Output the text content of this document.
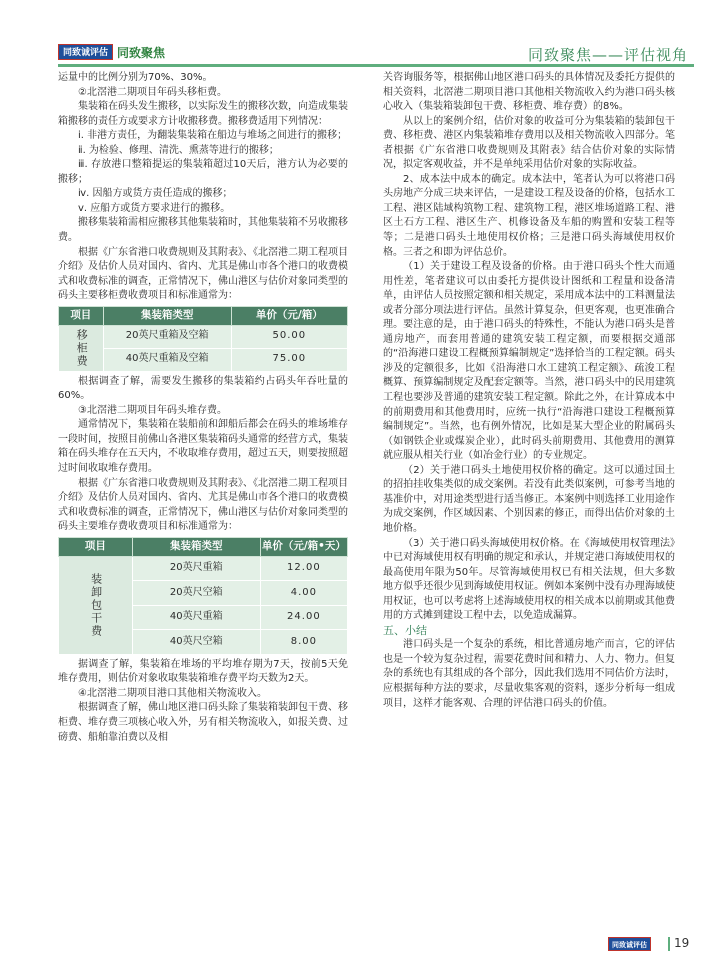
同致诚评估 同致聚焦	同致聚焦——评估视角

运量中的比例分别为70%、30%。

②北滘港二期项目年码头移柜费。

集装箱在码头发生搬移，以实际发生的搬移次数，向造成集装箱搬移的责任方或要求方计收搬移费。搬移费适用下列情况：

ⅰ. 非港方责任，为翻装集装箱在船边与堆场之间进行的搬移；

ⅱ. 为检验、修理、清洗、熏蒸等进行的搬移；

ⅲ. 存放港口整箱提运的集装箱超过10天后，港方认为必要的搬移；

ⅳ. 因船方或货方责任造成的搬移；

ⅴ. 应船方或货方要求进行的搬移。

搬移集装箱需相应搬移其他集装箱时，其他集装箱不另收搬移费。

根据《广东省港口收费规则及其附表》、《北滘港二期工程项目介绍》及估价人员对国内、省内、尤其是佛山市各个港口的收费模式和收费标准的调查，正常情况下，佛山港区与估价对象同类型的码头主要移柜费收费项目和标准通常为：

项目	集装箱类型	单价（元/箱）
移柜费	20英尺重箱及空箱	50.00
	40英尺重箱及空箱	75.00

根据调查了解，需要发生搬移的集装箱约占码头年吞吐量的60%。

③北滘港二期项目年码头堆存费。

通常情况下，集装箱在装船前和卸船后都会在码头的堆场堆存一段时间，按照目前佛山各港区集装箱码头通常的经营方式，集装箱在码头堆存在五天内，不收取堆存费用，超过五天，则要按照超过时间收取堆存费用。

根据《广东省港口收费规则及其附表》、《北滘港二期工程项目介绍》及估价人员对国内、省内、尤其是佛山市各个港口的收费模式和收费标准的调查，正常情况下，佛山港区与估价对象同类型的码头主要堆存费收费项目和标准通常为：

项目	集装箱类型	单价（元/箱•天）
装卸包干费	20英尺重箱	12.00
	20英尺空箱	4.00
	40英尺重箱	24.00
	40英尺空箱	8.00

据调查了解，集装箱在堆场的平均堆存期为7天，按前5天免堆存费用，则估价对象收取集装箱堆存费平均天数为2天。

④北滘港二期项目港口其他相关物流收入。

根据调查了解，佛山地区港口码头除了集装箱装卸包干费、移柜费、堆存费三项核心收入外，另有相关物流收入，如报关费、过磅费、船舶靠泊费以及相

关咨询服务等，根据佛山地区港口码头的具体情况及委托方提供的相关资料，北滘港二期项目港口其他相关物流收入约为港口码头核心收入（集装箱装卸包干费、移柜费、堆存费）的8%。

从以上的案例介绍，估价对象的收益可分为集装箱的装卸包干费、移柜费、港区内集装箱堆存费用以及相关物流收入四部分。笔者根据《广东省港口收费规则及其附表》结合估价对象的实际情况，拟定客观收益，并不是单纯采用估价对象的实际收益。

2、成本法中成本的确定。成本法中，笔者认为可以将港口码头房地产分成三块来评估，一是建设工程及设备的价格，包括水工工程、港区陆域构筑物工程、建筑物工程，港区堆场道路工程、港区土石方工程、港区生产、机修设备及车船的购置和安装工程等等；二是港口码头土地使用权价格；三是港口码头海域使用权价格。三者之和即为评估总价。

（1）关于建设工程及设备的价格。由于港口码头个性大而通用性差，笔者建议可以由委托方提供设计图纸和工程量和设备清单，由评估人员按照定额和相关规定，采用成本法中的工料测量法或者分部分项法进行评估。虽然计算复杂，但更客观，也更准确合理。要注意的是，由于港口码头的特殊性，不能认为港口码头是普通房地产，而套用普通的建筑安装工程定额，而要根据交通部的“沿海港口建设工程概预算编制规定”选择恰当的工程定额。码头涉及的定额很多，比如《沿海港口水工建筑工程定额》、疏浚工程概算、预算编制规定及配套定额等。当然，港口码头中的民用建筑工程也要涉及普通的建筑安装工程定额。除此之外，在计算成本中的前期费用和其他费用时，应统一执行“沿海港口建设工程概预算编制规定”。当然，也有例外情况，比如是某大型企业的附属码头（如钢铁企业或煤炭企业），此时码头前期费用、其他费用的测算就应服从相关行业（如冶金行业）的专业规定。

（2）关于港口码头土地使用权价格的确定。这可以通过国土的招拍挂收集类似的成交案例。若没有此类似案例，可参考当地的基准价中，对用途类型进行适当修正。本案例中则选择工业用途作为成交案例，作区域因素、个别因素的修正，而得出估价对象的土地价格。

（3）关于港口码头海域使用权价格。在《海域使用权管理法》中已对海域使用权有明确的规定和承认，并规定港口海域使用权的最高使用年限为50年。尽管海域使用权已有相关法规，但大多数地方似乎还很少见到海域使用权证。例如本案例中没有办理海域使用权证，也可以考虑将上述海域使用权的相关成本以前期或其他费用的方式摊到建设工程中去，以免造成漏算。

五、小结

港口码头是一个复杂的系统，相比普通房地产而言，它的评估也是一个较为复杂过程，需要花费时间和精力、人力、物力。但复杂的系统也有其组成的各个部分，因此我们选用不同估价方法时，应根据每种方法的要求，尽量收集客观的资料，逐步分析每一组成项目，这样才能客观、合理的评估港口码头的价值。

同致诚评估	19
